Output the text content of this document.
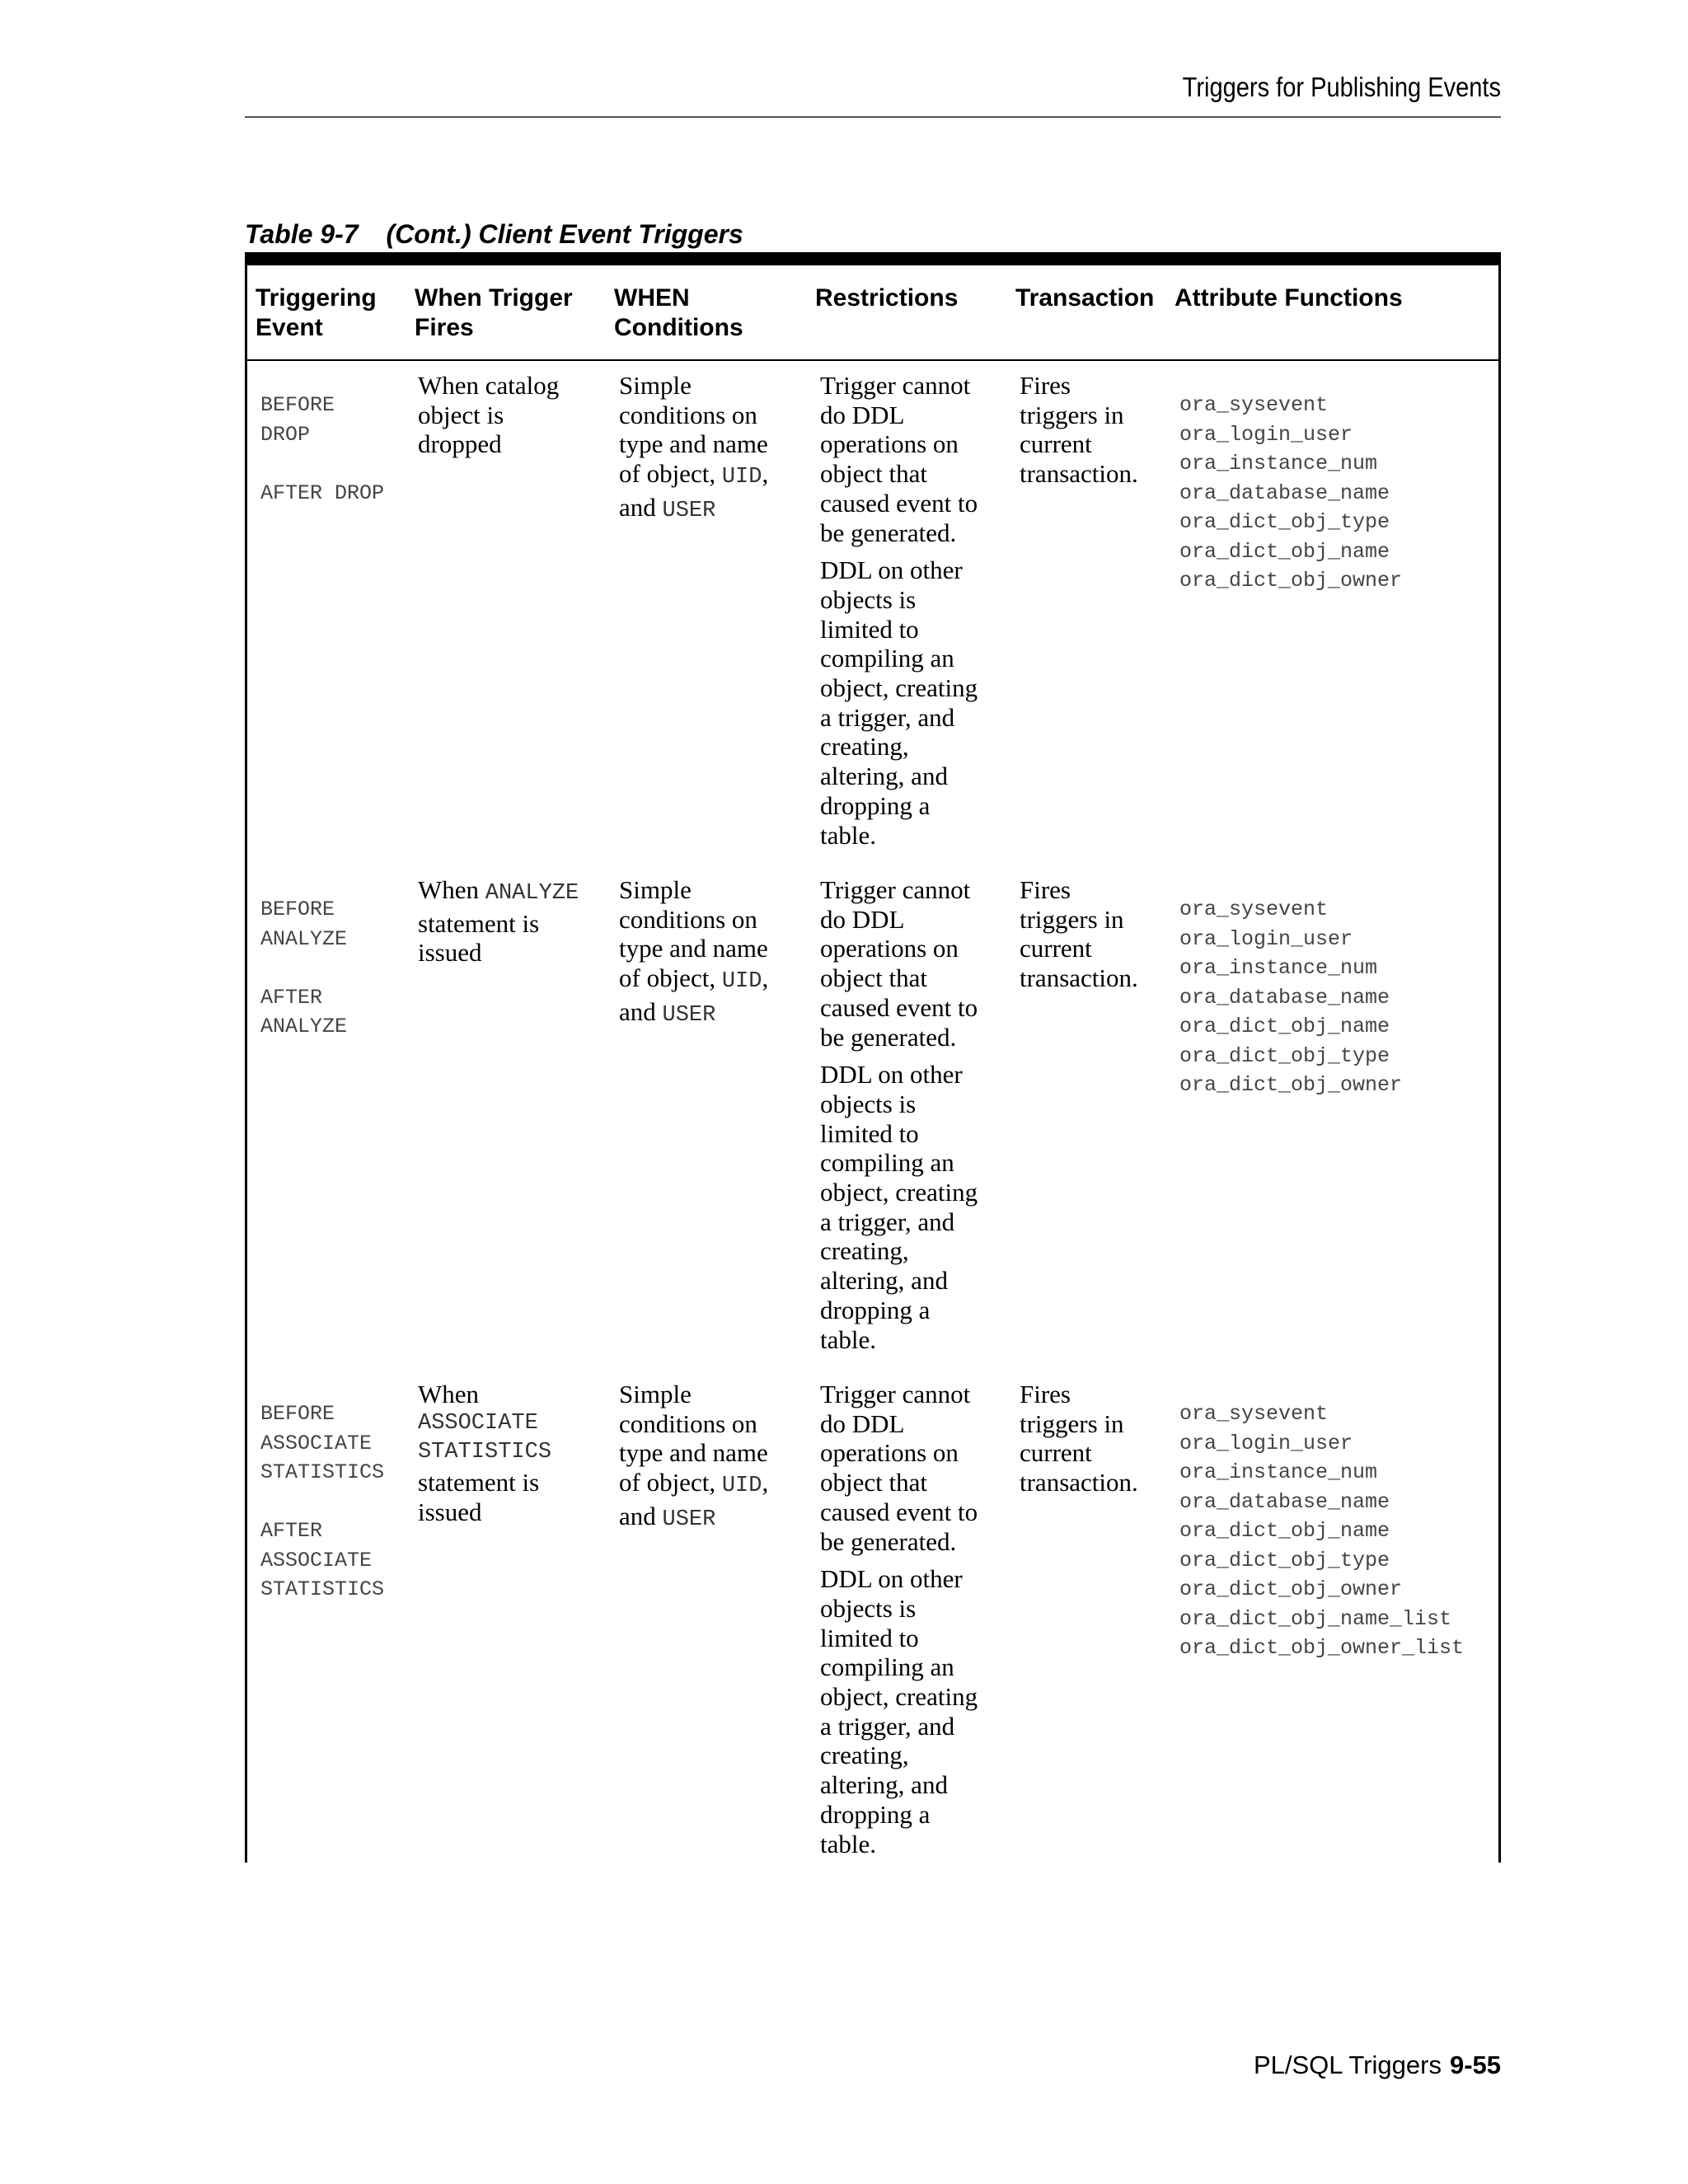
Triggers for Publishing Events
Table 9-7 (Cont.) Client Event Triggers
Triggering
Event
When Trigger
Fires
WHEN
Conditions
Restrictions Transaction Attribute Functions
BEFORE
DROP
AFTER DROP
When catalog
object is
dropped
Simple
conditions on
type and name
of object, UID,
and USER
Trigger cannot
do DDL
operations on
object that
caused event to
be generated.
DDL on other
objects is
limited to
compiling an
object, creating
a trigger, and
creating,
altering, and
dropping a
table.
Fires
triggers in
current
transaction.
ora_sysevent
ora_login_user
ora_instance_num
ora_database_name
ora_dict_obj_type
ora_dict_obj_name
ora_dict_obj_owner
BEFORE
ANALYZE
AFTER
ANALYZE
When ANALYZE
statement is
issued
Simple
conditions on
type and name
of object, UID,
and USER
Trigger cannot
do DDL
operations on
object that
caused event to
be generated.
DDL on other
objects is
limited to
compiling an
object, creating
a trigger, and
creating,
altering, and
dropping a
table.
Fires
triggers in
current
transaction.
ora_sysevent
ora_login_user
ora_instance_num
ora_database_name
ora_dict_obj_name
ora_dict_obj_type
ora_dict_obj_owner
BEFORE
ASSOCIATE
STATISTICS
AFTER
ASSOCIATE
STATISTICS
When
ASSOCIATE
STATISTICS
statement is
issued
Simple
conditions on
type and name
of object, UID,
and USER
Trigger cannot
do DDL
operations on
object that
caused event to
be generated.
DDL on other
objects is
limited to
compiling an
object, creating
a trigger, and
creating,
altering, and
dropping a
table.
Fires
triggers in
current
transaction.
ora_sysevent
ora_login_user
ora_instance_num
ora_database_name
ora_dict_obj_name
ora_dict_obj_type
ora_dict_obj_owner
ora_dict_obj_name_list
ora_dict_obj_owner_list
PL/SQL Triggers 9-55
